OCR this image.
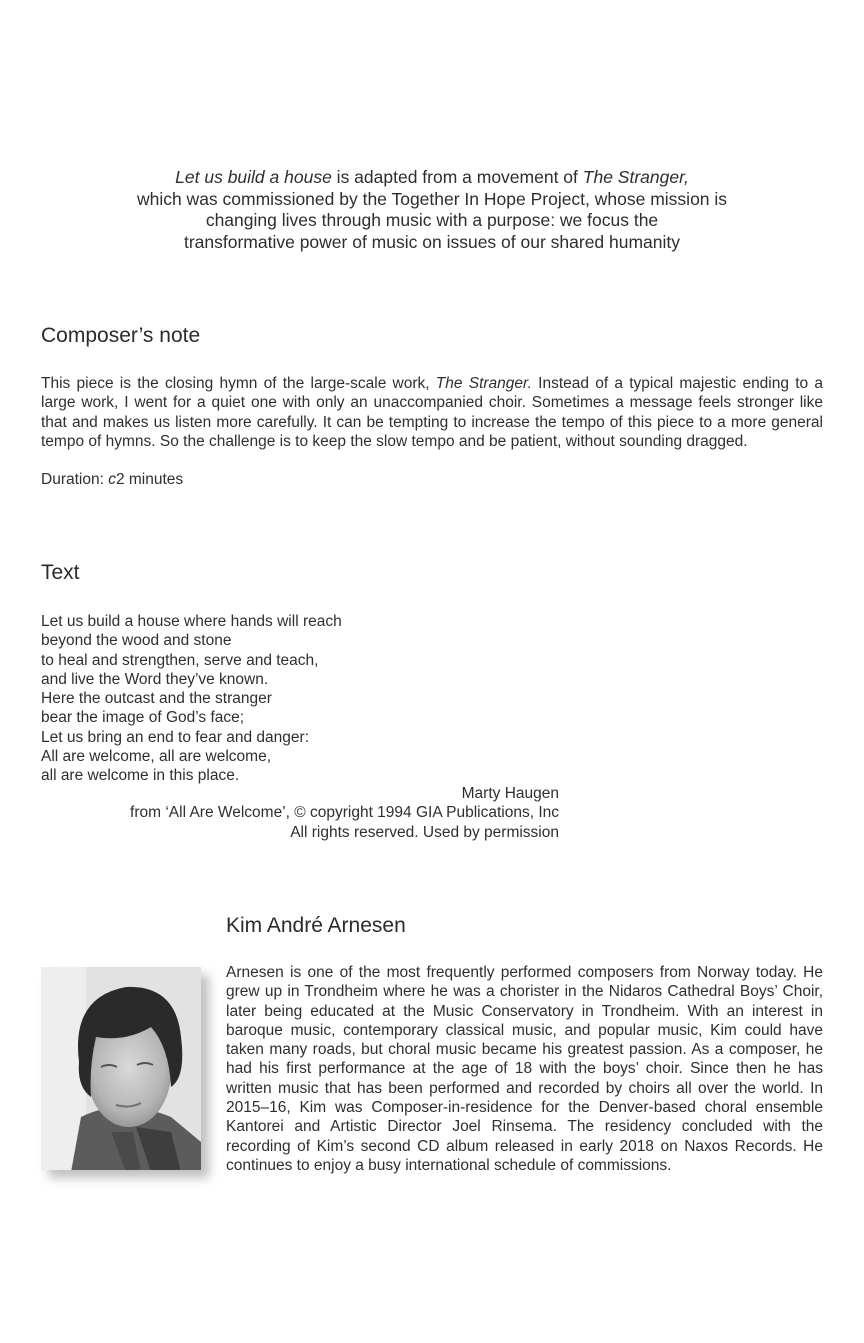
Let us build a house is adapted from a movement of The Stranger,

which was commissioned by the Together In Hope Project, whose mission is

changing lives through music with a purpose: we focus the

transformative power of music on issues of our shared humanity

Composer’s note

This piece is the closing hymn of the large-scale work, The Stranger. Instead of a typical majestic ending to a large work, I went for a quiet one with only an unaccompanied choir. Sometimes a message feels stronger like that and makes us listen more carefully. It can be tempting to increase the tempo of this piece to a more general tempo of hymns. So the challenge is to keep the slow tempo and be patient, without sounding dragged.

Duration: c2 minutes

Text
Let us build a house where hands will reach
beyond the wood and stone
to heal and strengthen, serve and teach,
and live the Word they’ve known.
Here the outcast and the stranger
bear the image of God’s face;
Let us bring an end to fear and danger:
All are welcome, all are welcome,
all are welcome in this place.

Marty Haugen

from ‘All Are Welcome’, © copyright 1994 GIA Publications, Inc

All rights reserved. Used by permission

Kim André Arnesen

Arnesen is one of the most frequently performed composers from Norway today. He grew up in Trondheim where he was a chorister in the Nidaros Cathedral Boys’ Choir, later being educated at the Music Conservatory in Trondheim. With an interest in baroque music, contemporary classical music, and popular music, Kim could have taken many roads, but choral music became his greatest passion. As a composer, he had his first performance at the age of 18 with the boys’ choir. Since then he has written music that has been performed and recorded by choirs all over the world. In 2015–16, Kim was Composer-in-residence for the Denver-based choral ensemble Kantorei and Artistic Director Joel Rinsema. The residency concluded with the recording of Kim’s second CD album released in early 2018 on Naxos Records. He continues to enjoy a busy international schedule of commissions.
